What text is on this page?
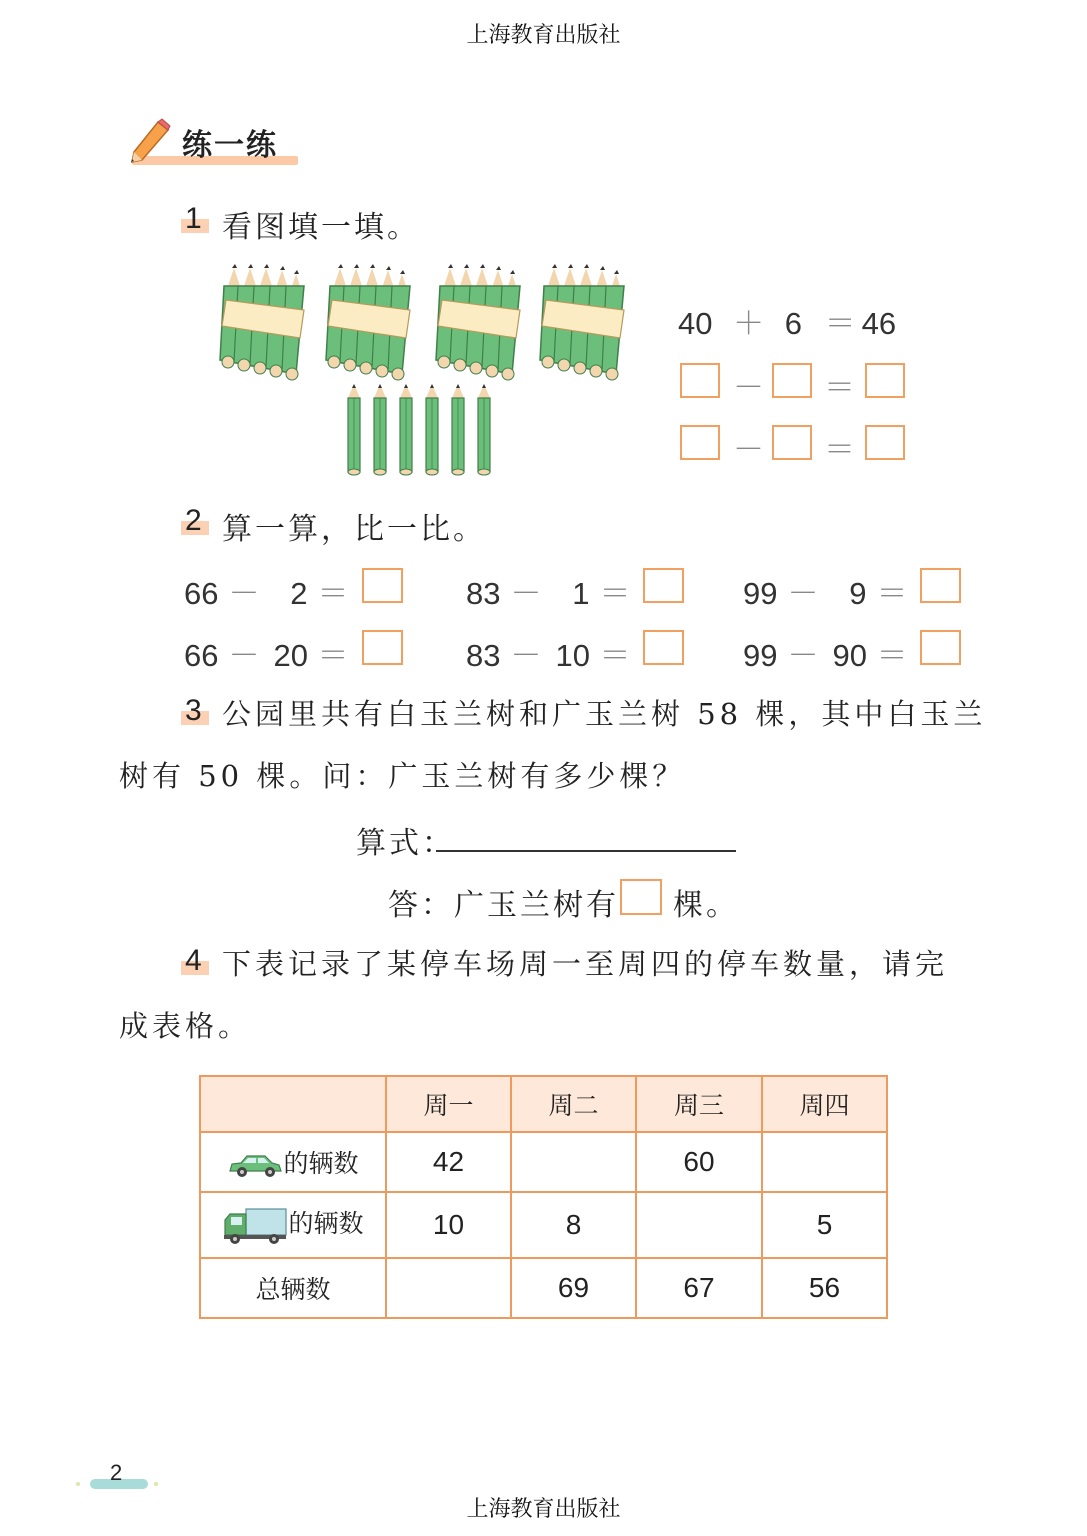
上海教育出版社
练一练
1 看图填一填。
40 ＋ 6 ＝ 46
－ ＝
－ ＝
2 算一算，比一比。
66 － 2 ＝	83 － 1 ＝	99 － 9 ＝
66 － 20 ＝	83 － 10 ＝	99 － 90 ＝
3 公园里共有白玉兰树和广玉兰树 58 棵，其中白玉兰
树有 50 棵。问：广玉兰树有多少棵？
算式：
答：广玉兰树有 棵。
4 下表记录了某停车场周一至周四的停车数量，请完
成表格。
	周一	周二	周三	周四
的辆数	42		60	
的辆数	10	8		5
总辆数		69	67	56
2
上海教育出版社
